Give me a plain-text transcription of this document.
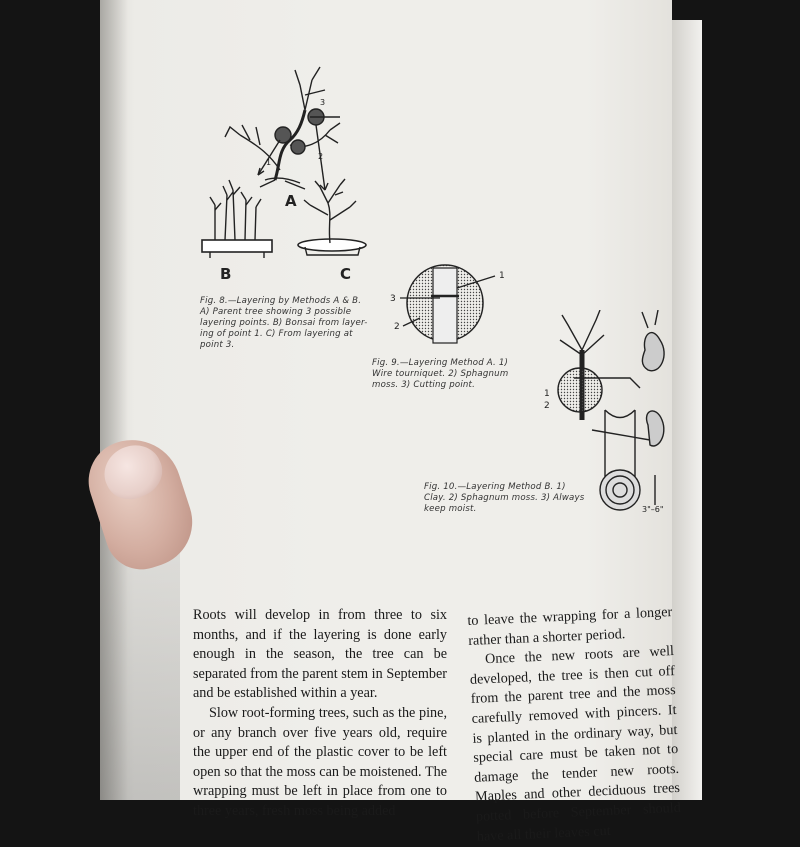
1
2
3
A
B	C
Fig. 8.—Layering by Methods A & B.
A) Parent tree showing 3 possible
layering points. B) Bonsai from layer-
ing of point 1. C) From layering at
point 3.
1
2
3
Fig. 9.—Layering Method A. 1)
Wire tourniquet. 2) Sphagnum
moss. 3) Cutting point.
1
2
3"–6"
Fig. 10.—Layering Method B. 1)
Clay. 2) Sphagnum moss. 3) Always
keep moist.

Roots will develop in from three to six months, and if the layering is done early enough in the season, the tree can be separated from the parent stem in September and be established within a year.

Slow root-forming trees, such as the pine, or any branch over five years old, require the upper end of the plastic cover to be left open so that the moss can be moistened. The wrapping must be left in place from one to three years, fresh moss being added

to leave the wrapping for a longer rather than a shorter period.

Once the new roots are well developed, the tree is then cut off from the parent tree and the moss carefully removed with pincers. It is planted in the ordinary way, but special care must be taken not to damage the tender new roots. Maples and other deciduous trees potted before September should have all their leaves cut
